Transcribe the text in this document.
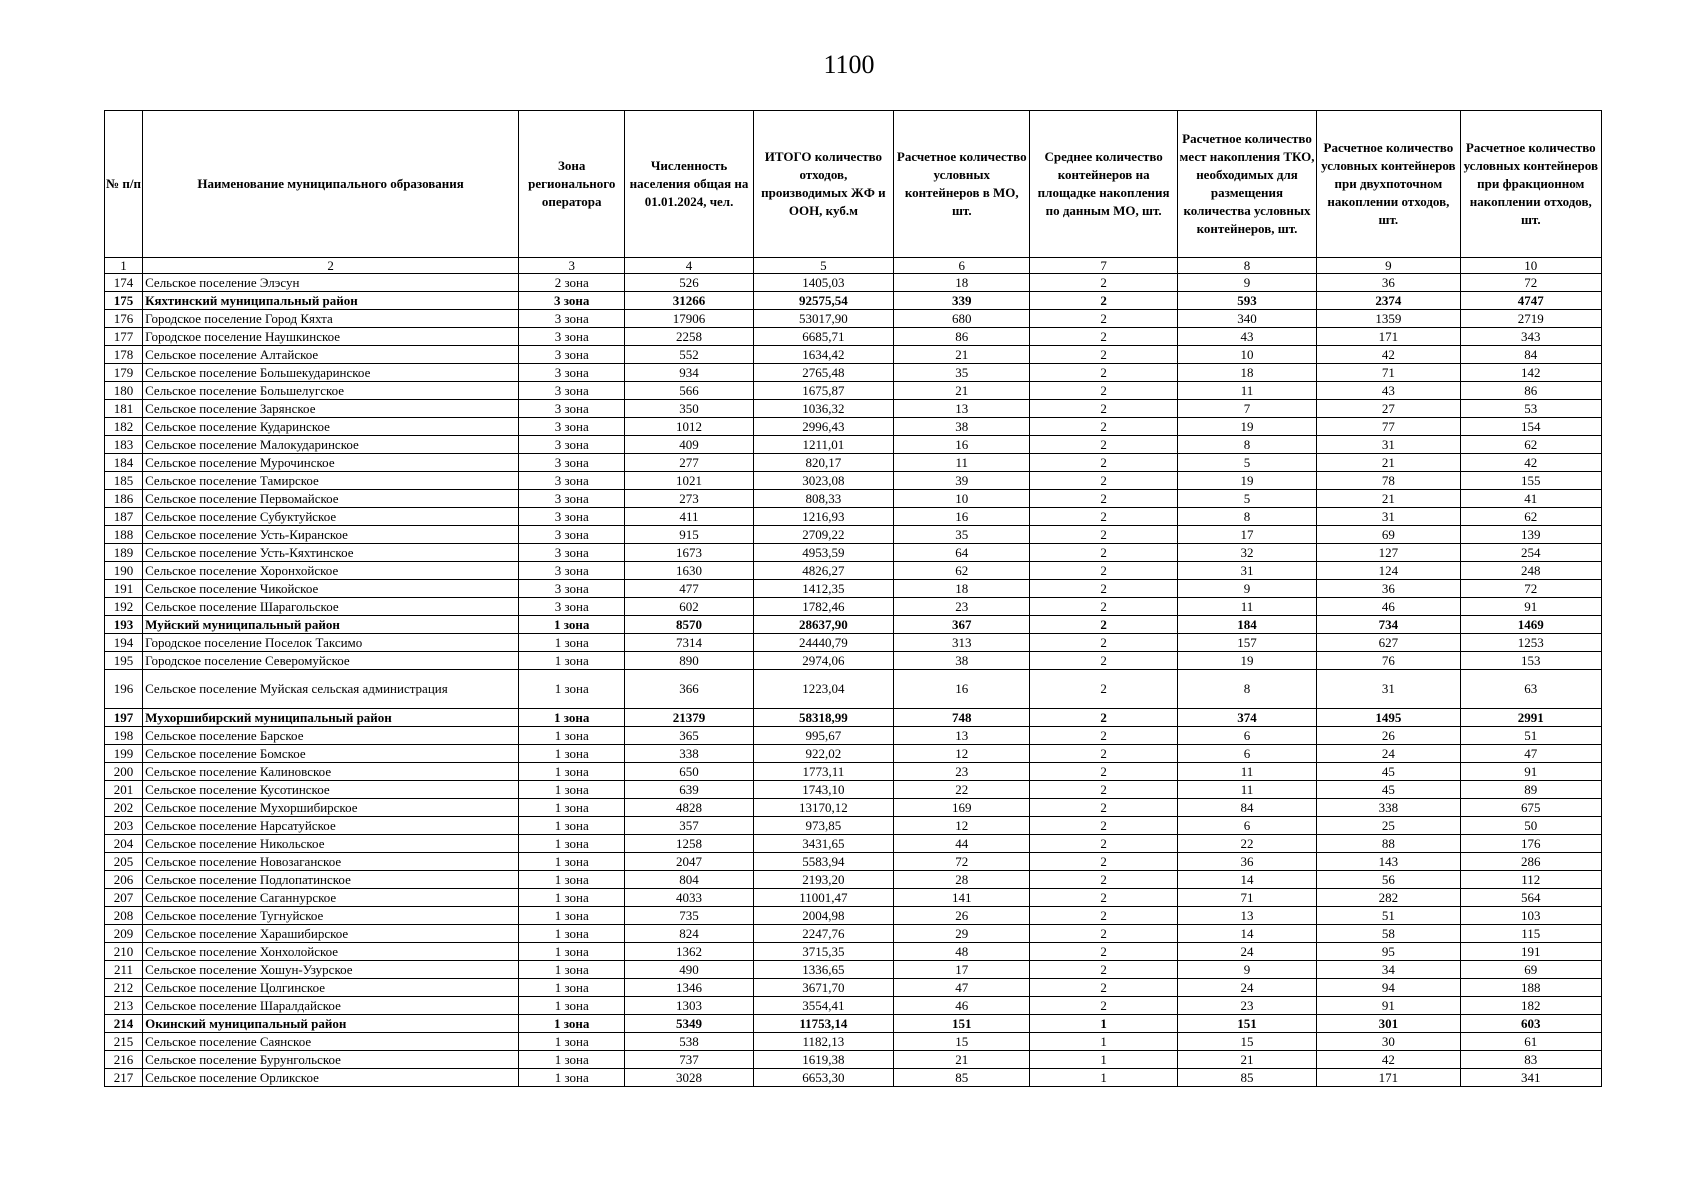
1100
№ п/п	Наименование муниципального образования	Зона регионального оператора	Численность населения общая на 01.01.2024, чел.	ИТОГО количество отходов, производимых ЖФ и ООН, куб.м	Расчетное количество условных контейнеров в МО, шт.	Среднее количество контейнеров на площадке накопления по данным МО, шт.	Расчетное количество мест накопления ТКО, необходимых для размещения количества условных контейнеров, шт.	Расчетное количество условных контейнеров при двухпоточном накоплении отходов, шт.	Расчетное количество условных контейнеров при фракционном накоплении отходов, шт.
1	2	3	4	5	6	7	8	9	10
174	Сельское поселение Элэсун	2 зона	526	1405,03	18	2	9	36	72
175	Кяхтинский муниципальный район	3 зона	31266	92575,54	339	2	593	2374	4747
176	Городское поселение Город Кяхта	3 зона	17906	53017,90	680	2	340	1359	2719
177	Городское поселение Наушкинское	3 зона	2258	6685,71	86	2	43	171	343
178	Сельское поселение Алтайское	3 зона	552	1634,42	21	2	10	42	84
179	Сельское поселение Большекударинское	3 зона	934	2765,48	35	2	18	71	142
180	Сельское поселение Большелугское	3 зона	566	1675,87	21	2	11	43	86
181	Сельское поселение Зарянское	3 зона	350	1036,32	13	2	7	27	53
182	Сельское поселение Кударинское	3 зона	1012	2996,43	38	2	19	77	154
183	Сельское поселение Малокударинское	3 зона	409	1211,01	16	2	8	31	62
184	Сельское поселение Мурочинское	3 зона	277	820,17	11	2	5	21	42
185	Сельское поселение Тамирское	3 зона	1021	3023,08	39	2	19	78	155
186	Сельское поселение Первомайское	3 зона	273	808,33	10	2	5	21	41
187	Сельское поселение Субуктуйское	3 зона	411	1216,93	16	2	8	31	62
188	Сельское поселение Усть-Киранское	3 зона	915	2709,22	35	2	17	69	139
189	Сельское поселение Усть-Кяхтинское	3 зона	1673	4953,59	64	2	32	127	254
190	Сельское поселение Хоронхойское	3 зона	1630	4826,27	62	2	31	124	248
191	Сельское поселение Чикойское	3 зона	477	1412,35	18	2	9	36	72
192	Сельское поселение Шарагольское	3 зона	602	1782,46	23	2	11	46	91
193	Муйский муниципальный район	1 зона	8570	28637,90	367	2	184	734	1469
194	Городское поселение Поселок Таксимо	1 зона	7314	24440,79	313	2	157	627	1253
195	Городское поселение Северомуйское	1 зона	890	2974,06	38	2	19	76	153
196	Сельское поселение Муйская сельская администрация	1 зона	366	1223,04	16	2	8	31	63
197	Мухоршибирский муниципальный район	1 зона	21379	58318,99	748	2	374	1495	2991
198	Сельское поселение Барское	1 зона	365	995,67	13	2	6	26	51
199	Сельское поселение Бомское	1 зона	338	922,02	12	2	6	24	47
200	Сельское поселение Калиновское	1 зона	650	1773,11	23	2	11	45	91
201	Сельское поселение Кусотинское	1 зона	639	1743,10	22	2	11	45	89
202	Сельское поселение Мухоршибирское	1 зона	4828	13170,12	169	2	84	338	675
203	Сельское поселение Нарсатуйское	1 зона	357	973,85	12	2	6	25	50
204	Сельское поселение Никольское	1 зона	1258	3431,65	44	2	22	88	176
205	Сельское поселение Новозаганское	1 зона	2047	5583,94	72	2	36	143	286
206	Сельское поселение Подлопатинское	1 зона	804	2193,20	28	2	14	56	112
207	Сельское поселение Саганнурское	1 зона	4033	11001,47	141	2	71	282	564
208	Сельское поселение Тугнуйское	1 зона	735	2004,98	26	2	13	51	103
209	Сельское поселение Харашибирское	1 зона	824	2247,76	29	2	14	58	115
210	Сельское поселение Хонхолойское	1 зона	1362	3715,35	48	2	24	95	191
211	Сельское поселение Хошун-Узурское	1 зона	490	1336,65	17	2	9	34	69
212	Сельское поселение Цолгинское	1 зона	1346	3671,70	47	2	24	94	188
213	Сельское поселение Шаралдайское	1 зона	1303	3554,41	46	2	23	91	182
214	Окинский муниципальный район	1 зона	5349	11753,14	151	1	151	301	603
215	Сельское поселение Саянское	1 зона	538	1182,13	15	1	15	30	61
216	Сельское поселение Бурунгольское	1 зона	737	1619,38	21	1	21	42	83
217	Сельское поселение Орликское	1 зона	3028	6653,30	85	1	85	171	341
